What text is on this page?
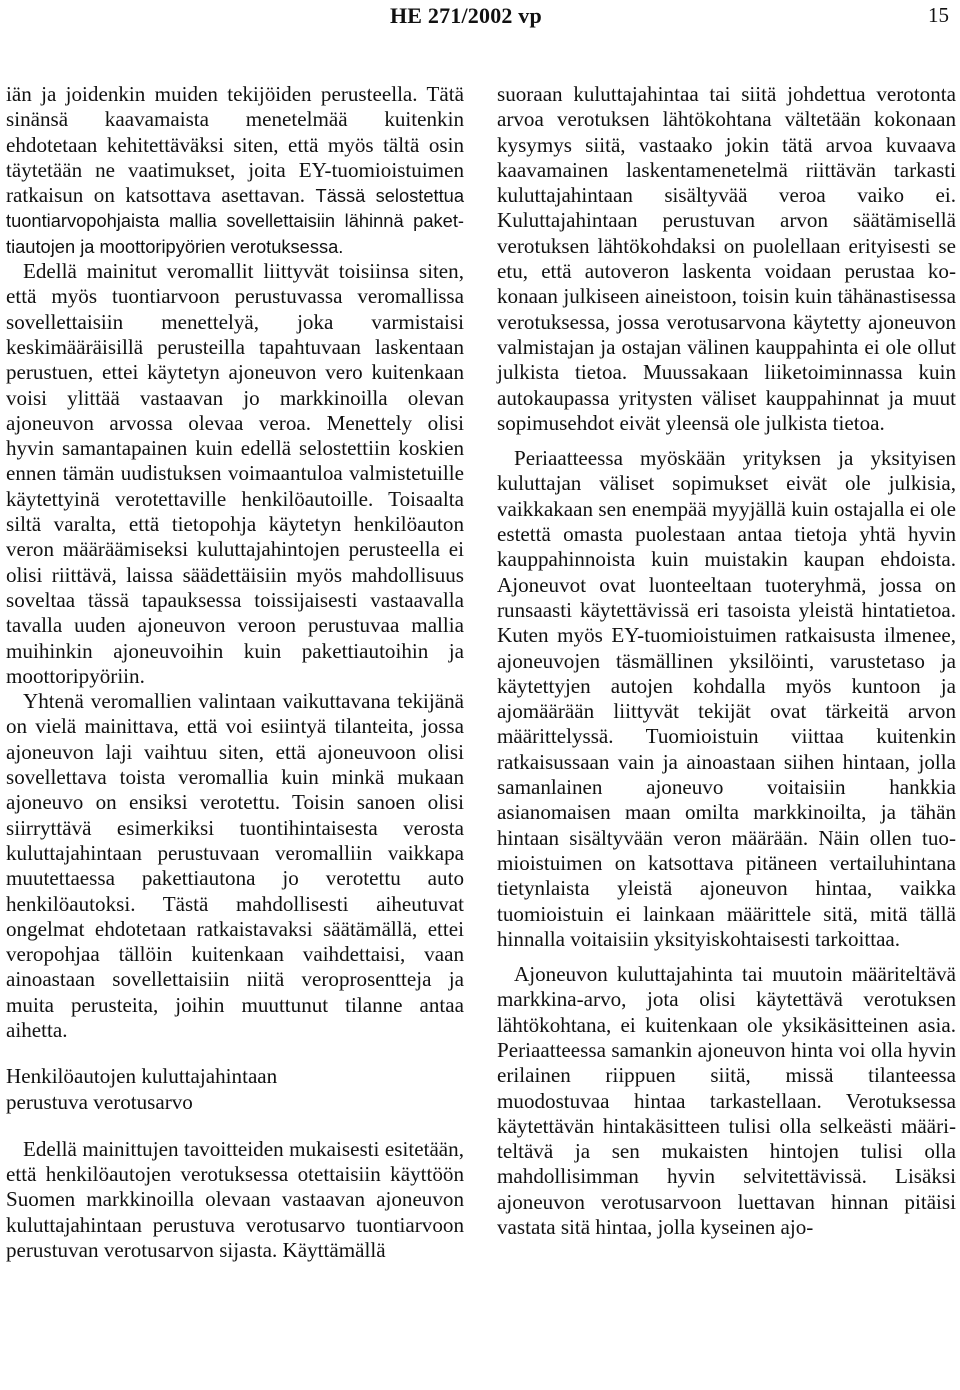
HE 271/2002 vp	15

iän ja joidenkin muiden tekijöiden perusteella. Tätä sinänsä kaavamaista menetelmää kuitenkin ehdotetaan kehitettäväksi siten, että myös tältä osin täytetään ne vaatimukset, joita EY-tuomioistuimen ratkaisun on katsottava asettavan. Tässä selostettua tuontiarvopohjaista mallia sovellettaisiin lähinnä pakettiautojen ja moottoripyörien verotuksessa.

Edellä mainitut veromallit liittyvät toisiinsa siten, että myös tuontiarvoon perustuvassa veromallissa sovellettaisiin menettelyä, joka varmistaisi keskimääräisillä perusteilla tapahtuvaan laskentaan perustuen, ettei käytetyn ajoneuvon vero kuitenkaan voisi ylittää vastaavan jo markkinoilla olevan ajoneuvon arvossa olevaa veroa. Menettely olisi hyvin samantapainen kuin edellä selostettiin koskien ennen tämän uudistuksen voimaantuloa valmistetuille käytettyinä verotettaville henkilöautoille. Toisaalta siltä varalta, että tietopohja käytetyn henkilöauton veron määräämiseksi kuluttajahintojen perusteella ei olisi riittävä, laissa säädettäisiin myös mahdollisuus soveltaa tässä tapauksessa toissijaisesti vastaavalla tavalla uuden ajoneuvon veroon perustuvaa mallia muihinkin ajoneuvoihin kuin pakettiautoihin ja moottoripyöriin.

Yhtenä veromallien valintaan vaikuttavana tekijänä on vielä mainittava, että voi esiintyä tilanteita, jossa ajoneuvon laji vaihtuu siten, että ajoneuvoon olisi sovellettava toista veromallia kuin minkä mukaan ajoneuvo on ensiksi verotettu. Toisin sanoen olisi siirryttävä esimerkiksi tuontihintaisesta verosta kuluttajahintaan perustuvaan veromalliin vaikkapa muutettaessa pakettiautona jo verotettu auto henkilöautoksi. Tästä mahdollisesti aiheutuvat ongelmat ehdotetaan ratkaistavaksi säätämällä, ettei veropohjaa tällöin kuitenkaan vaihdettaisi, vaan ainoastaan sovellettaisiin niitä veroprosentteja ja muita perusteita, joihin muuttunut tilanne antaa aihetta.

Henkilöautojen kuluttajahintaan perustuva verotusarvo

Edellä mainittujen tavoitteiden mukaisesti esitetään, että henkilöautojen verotuksessa otettaisiin käyttöön Suomen markkinoilla olevaan vastaavan ajoneuvon kuluttajahintaan perustuva verotusarvo tuontiarvoon perustuvan verotusarvon sijasta. Käyttämällä

suoraan kuluttajahintaa tai siitä johdettua verotonta arvoa verotuksen lähtökohtana vältetään kokonaan kysymys siitä, vastaako jokin tätä arvoa kuvaava kaavamainen laskentamenetelmä riittävän tarkasti kuluttajahintaan sisältyvää veroa vaiko ei. Kuluttajahintaan perustuvan arvon säätämisellä verotuksen lähtökohdaksi on puolellaan erityisesti se etu, että autoveron laskenta voidaan perustaa kokonaan julkiseen aineistoon, toisin kuin tähänastisessa verotuksessa, jossa verotusarvona käytetty ajoneuvon valmistajan ja ostajan välinen kauppahinta ei ole ollut julkista tietoa. Muussakaan liiketoiminnassa kuin autokaupassa yritysten väliset kauppahinnat ja muut sopimusehdot eivät yleensä ole julkista tietoa.

Periaatteessa myöskään yrityksen ja yksityisen kuluttajan väliset sopimukset eivät ole julkisia, vaikkakaan sen enempää myyjällä kuin ostajalla ei ole estettä omasta puolestaan antaa tietoja yhtä hyvin kauppahinnoista kuin muistakin kaupan ehdoista. Ajoneuvot ovat luonteeltaan tuoteryhmä, jossa on runsaasti käytettävissä eri tasoista yleistä hintatietoa. Kuten myös EY-tuomioistuimen ratkaisusta ilmenee, ajoneuvojen täsmällinen yksilöinti, varustetaso ja käytettyjen autojen kohdalla myös kuntoon ja ajomäärään liittyvät tekijät ovat tärkeitä arvon määrittelyssä. Tuomioistuin viittaa kuitenkin ratkaisussaan vain ja ainoastaan siihen hintaan, jolla samanlainen ajoneuvo voitaisiin hankkia asianomaisen maan omilta markkinoilta, ja tähän hintaan sisältyvään veron määrään. Näin ollen tuomioistuimen on katsottava pitäneen vertailuhintana tietynlaista yleistä ajoneuvon hintaa, vaikka tuomioistuin ei lainkaan määrittele sitä, mitä tällä hinnalla voitaisiin yksityiskohtaisesti tarkoittaa.

Ajoneuvon kuluttajahinta tai muutoin määriteltävä markkina-arvo, jota olisi käytettävä verotuksen lähtökohtana, ei kuitenkaan ole yksikäsitteinen asia. Periaatteessa samankin ajoneuvon hinta voi olla hyvin erilainen riippuen siitä, missä tilanteessa muodostuvaa hintaa tarkastellaan. Verotuksessa käytettävän hintakäsitteen tulisi olla selkeästi määriteltävä ja sen mukaisten hintojen tulisi olla mahdollisimman hyvin selvitettävissä. Lisäksi ajoneuvon verotusarvoon luettavan hinnan pitäisi vastata sitä hintaa, jolla kyseinen ajo-
